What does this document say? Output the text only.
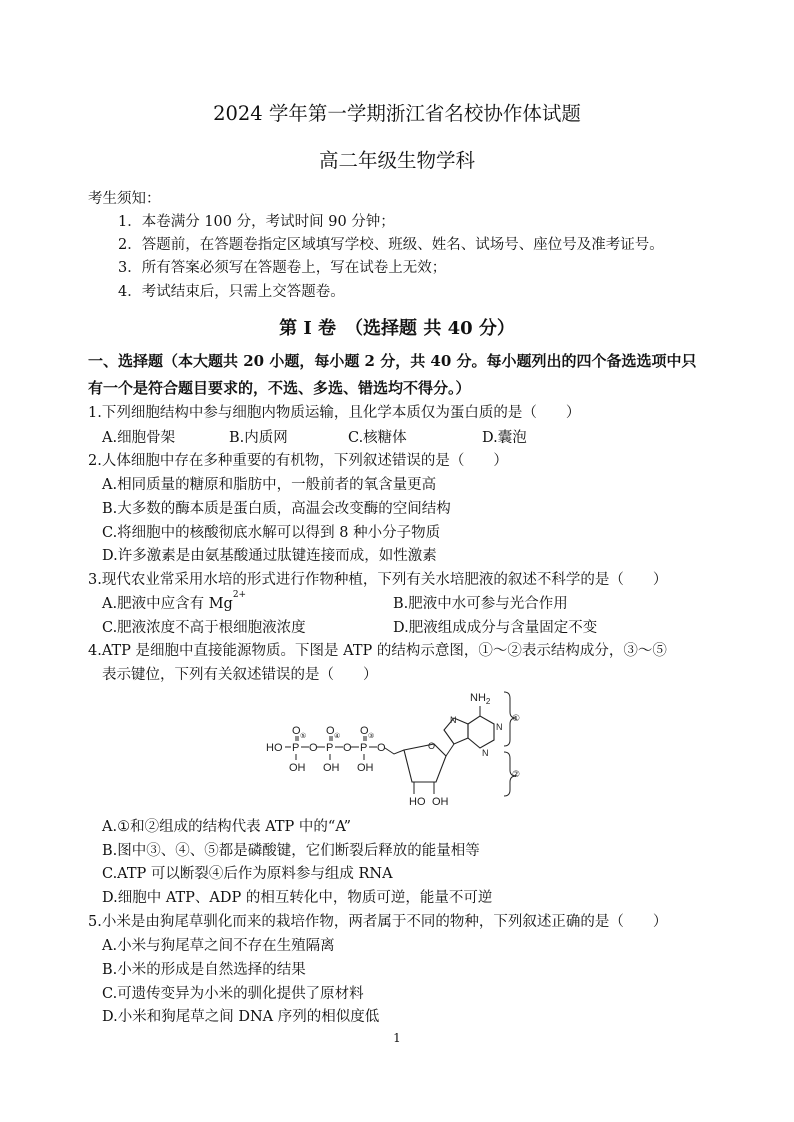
2024 学年第一学期浙江省名校协作体试题
高二年级生物学科
考生须知：
1．本卷满分 100 分，考试时间 90 分钟；
2．答题前，在答题卷指定区域填写学校、班级、姓名、试场号、座位号及准考证号。
3．所有答案必须写在答题卷上，写在试卷上无效；
4．考试结束后，只需上交答题卷。
第 I 卷　（选择题 共 40 分）
一、选择题（本大题共 20 小题，每小题 2 分，共 40 分。每小题列出的四个备选选项中只
有一个是符合题目要求的，不选、多选、错选均不得分。）
1.下列细胞结构中参与细胞内物质运输，且化学本质仅为蛋白质的是（　　）
A.细胞骨架	B.内质网	C.核糖体	D.囊泡
2.人体细胞中存在多种重要的有机物，下列叙述错误的是（　　）
A.相同质量的糖原和脂肪中，一般前者的氧含量更高
B.大多数的酶本质是蛋白质，高温会改变酶的空间结构
C.将细胞中的核酸彻底水解可以得到 8 种小分子物质
D.许多激素是由氨基酸通过肽键连接而成，如性激素
3.现代农业常采用水培的形式进行作物种植，下列有关水培肥液的叙述不科学的是（　　）
A.肥液中应含有 $Mg^{2+}$
B.肥液中水可参与光合作用
C.肥液浓度不高于根细胞液浓度	D.肥液组成成分与含量固定不变
4.ATP 是细胞中直接能源物质。下图是 ATP 的结构示意图，①～②表示结构成分，③～⑤
表示键位，下列有关叙述错误的是（　　）
HO P
O ⑤
OH
O P
O ④
OH
O P
O ③
OH
O	O
HO OH
$NH_2$
N
N
N
①
②
A.①和②组成的结构代表 ATP 中的“A”
B.图中③、④、⑤都是磷酸键，它们断裂后释放的能量相等
C.ATP 可以断裂④后作为原料参与组成 RNA
D.细胞中 ATP、ADP 的相互转化中，物质可逆，能量不可逆
5.小米是由狗尾草驯化而来的栽培作物，两者属于不同的物种，下列叙述正确的是（　　）
A.小米与狗尾草之间不存在生殖隔离
B.小米的形成是自然选择的结果
C.可遗传变异为小米的驯化提供了原材料
D.小米和狗尾草之间 DNA 序列的相似度低
1
